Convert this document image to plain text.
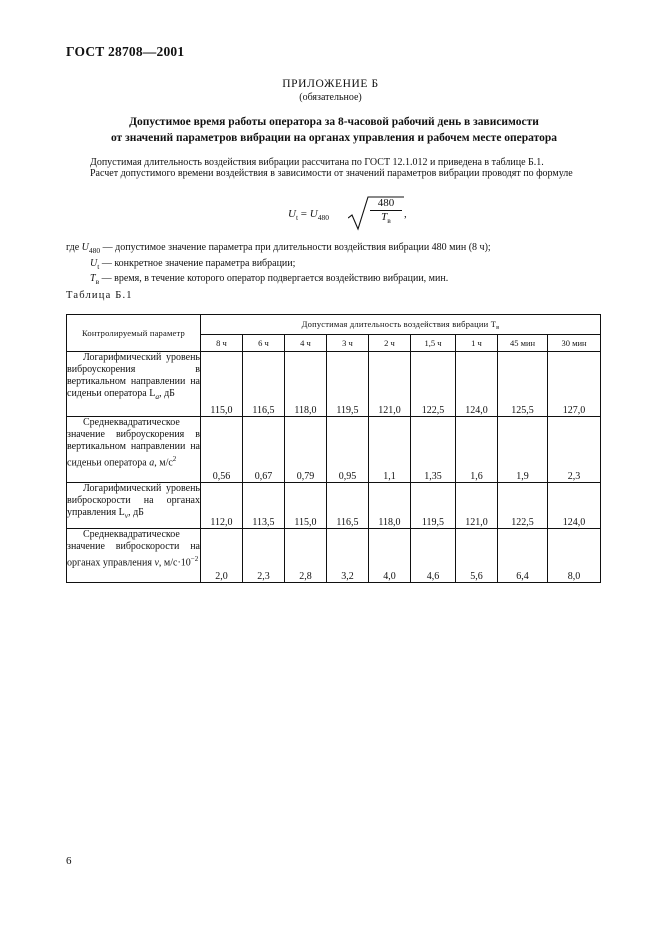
ГОСТ 28708—2001
ПРИЛОЖЕНИЕ Б
(обязательное)
Допустимое время работы оператора за 8-часовой рабочий день в зависимости
от значений параметров вибрации на органах управления и рабочем месте оператора
Допустимая длительность воздействия вибрации рассчитана по ГОСТ 12.1.012 и приведена в таблице Б.1.
Расчет допустимого времени воздействия в зависимости от значений параметров вибрации проводят по формуле
$U_t = U_{480}$
480
$T_в$
,
где $U_{480}$ — допустимое значение параметра при длительности воздействия вибрации 480 мин (8 ч);
$U_t$ — конкретное значение параметра вибрации;
$T_в$ — время, в течение которого оператор подвергается воздействию вибрации, мин.
Таблица Б.1
Контролируемый параметр	Допустимая длительность воздействия вибрации $T_в$
	8 ч	6 ч	4 ч	3 ч	2 ч	1,5 ч	1 ч	45 мин	30 мин

Логарифмический уровень виброускорения в вертикальном направлении на сиденьи оператора $L_a$, дБ	115,0	116,5	118,0	119,5	121,0	122,5	124,0	125,5	127,0

Среднеквадратическое значение виброускорения в вертикальном направлении на сиденьи оператора a, $м/с^2$	0,56	0,67	0,79	0,95	1,1	1,35	1,6	1,9	2,3

Логарифмический уровень виброскорости на органах управления $L_v$, дБ	112,0	113,5	115,0	116,5	118,0	119,5	121,0	122,5	124,0

Среднеквадратическое значение виброскорости на органах управления v, $м/с\cdot 10^{-2}$	2,0	2,3	2,8	3,2	4,0	4,6	5,6	6,4	8,0
6
